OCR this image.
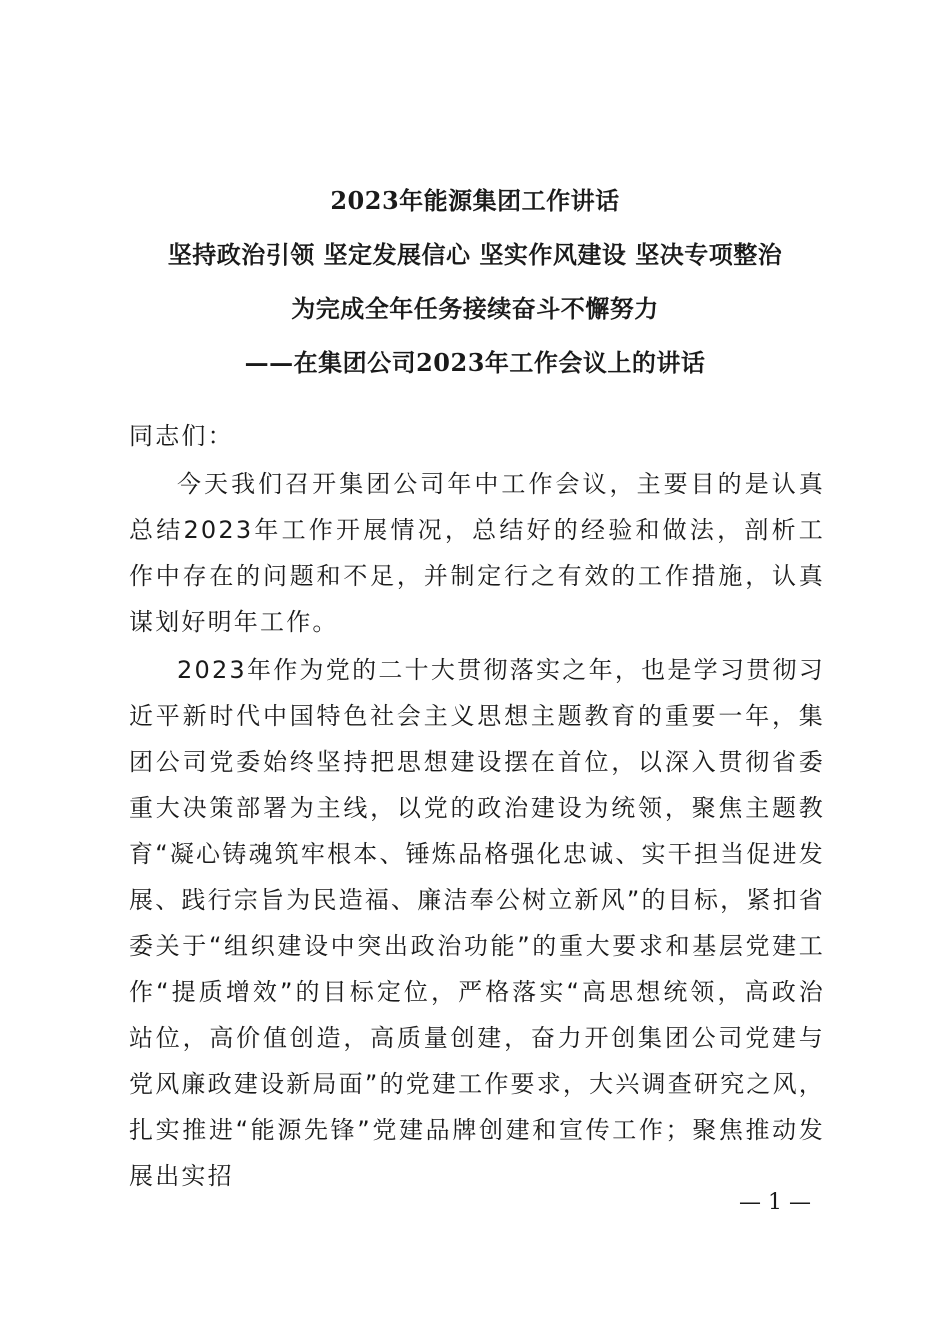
2023年能源集团工作讲话
坚持政治引领 坚定发展信心 坚实作风建设 坚决专项整治
为完成全年任务接续奋斗不懈努力
——在集团公司2023年工作会议上的讲话
同志们：

今天我们召开集团公司年中工作会议，主要目的是认真总结2023年工作开展情况，总结好的经验和做法，剖析工作中存在的问题和不足，并制定行之有效的工作措施，认真谋划好明年工作。

2023年作为党的二十大贯彻落实之年，也是学习贯彻习近平新时代中国特色社会主义思想主题教育的重要一年，集团公司党委始终坚持把思想建设摆在首位，以深入贯彻省委重大决策部署为主线，以党的政治建设为统领，聚焦主题教育“凝心铸魂筑牢根本、锤炼品格强化忠诚、实干担当促进发展、践行宗旨为民造福、廉洁奉公树立新风”的目标，紧扣省委关于“组织建设中突出政治功能”的重大要求和基层党建工作“提质增效”的目标定位，严格落实“高思想统领，高政治站位，高价值创造，高质量创建，奋力开创集团公司党建与党风廉政建设新局面”的党建工作要求，大兴调查研究之风，扎实推进“能源先锋”党建品牌创建和宣传工作；聚焦推动发展出实招

— 1 —
